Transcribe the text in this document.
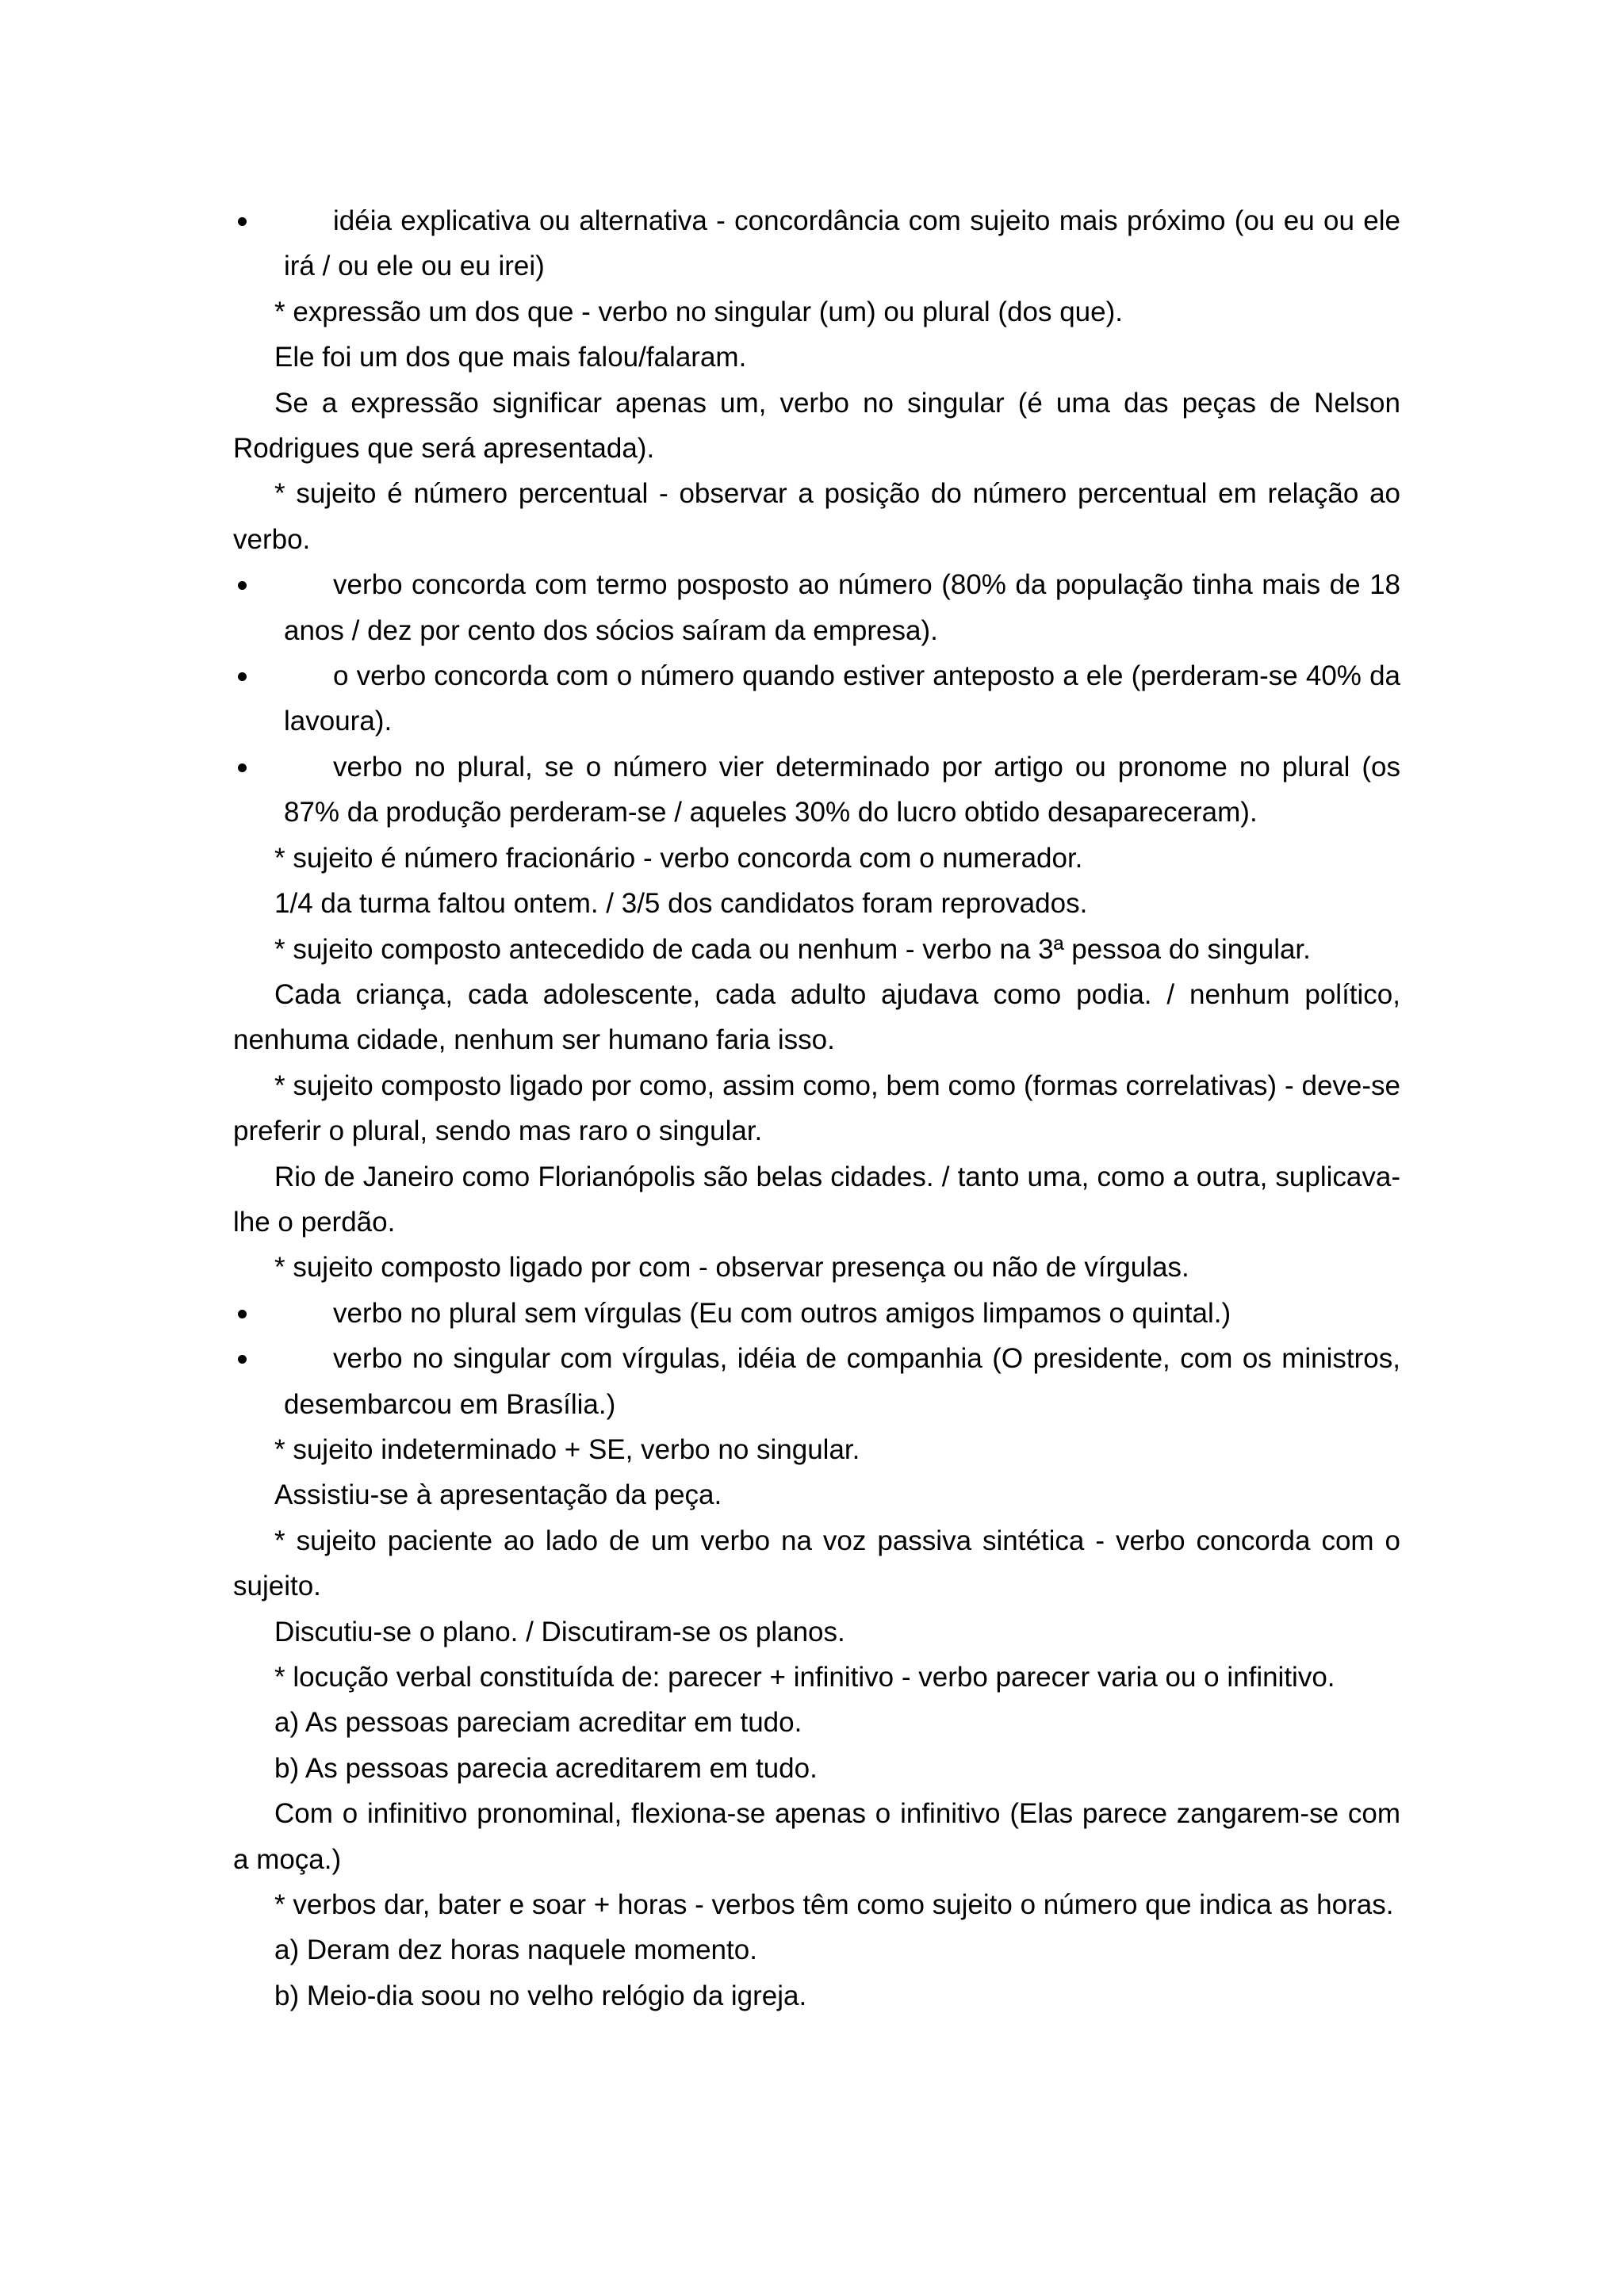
idéia explicativa ou alternativa - concordância com sujeito mais próximo (ou eu ou ele irá / ou ele ou eu irei)

* expressão um dos que - verbo no singular (um) ou plural (dos que).

Ele foi um dos que mais falou/falaram.

Se a expressão significar apenas um, verbo no singular (é uma das peças de Nelson Rodrigues que será apresentada).

* sujeito é número percentual - observar a posição do número percentual em relação ao verbo.

verbo concorda com termo posposto ao número (80% da população tinha mais de 18 anos / dez por cento dos sócios saíram da empresa).
o verbo concorda com o número quando estiver anteposto a ele (perderam-se 40% da lavoura).
verbo no plural, se o número vier determinado por artigo ou pronome no plural (os 87% da produção perderam-se / aqueles 30% do lucro obtido desapareceram).

* sujeito é número fracionário - verbo concorda com o numerador.

1/4 da turma faltou ontem. / 3/5 dos candidatos foram reprovados.

* sujeito composto antecedido de cada ou nenhum - verbo na 3ª pessoa do singular.

Cada criança, cada adolescente, cada adulto ajudava como podia. / nenhum político, nenhuma cidade, nenhum ser humano faria isso.

* sujeito composto ligado por como, assim como, bem como (formas correlativas) - deve-se preferir o plural, sendo mas raro o singular.

Rio de Janeiro como Florianópolis são belas cidades. / tanto uma, como a outra, suplicava-lhe o perdão.

* sujeito composto ligado por com - observar presença ou não de vírgulas.

verbo no plural sem vírgulas (Eu com outros amigos limpamos o quintal.)
verbo no singular com vírgulas, idéia de companhia (O presidente, com os ministros, desembarcou em Brasília.)

* sujeito indeterminado + SE, verbo no singular.

Assistiu-se à apresentação da peça.

* sujeito paciente ao lado de um verbo na voz passiva sintética - verbo concorda com o sujeito.

Discutiu-se o plano. / Discutiram-se os planos.

* locução verbal constituída de: parecer + infinitivo - verbo parecer varia ou o infinitivo.

a) As pessoas pareciam acreditar em tudo.

b) As pessoas parecia acreditarem em tudo.

Com o infinitivo pronominal, flexiona-se apenas o infinitivo (Elas parece zangarem-se com a moça.)

* verbos dar, bater e soar + horas - verbos têm como sujeito o número que indica as horas.

a) Deram dez horas naquele momento.

b) Meio-dia soou no velho relógio da igreja.
